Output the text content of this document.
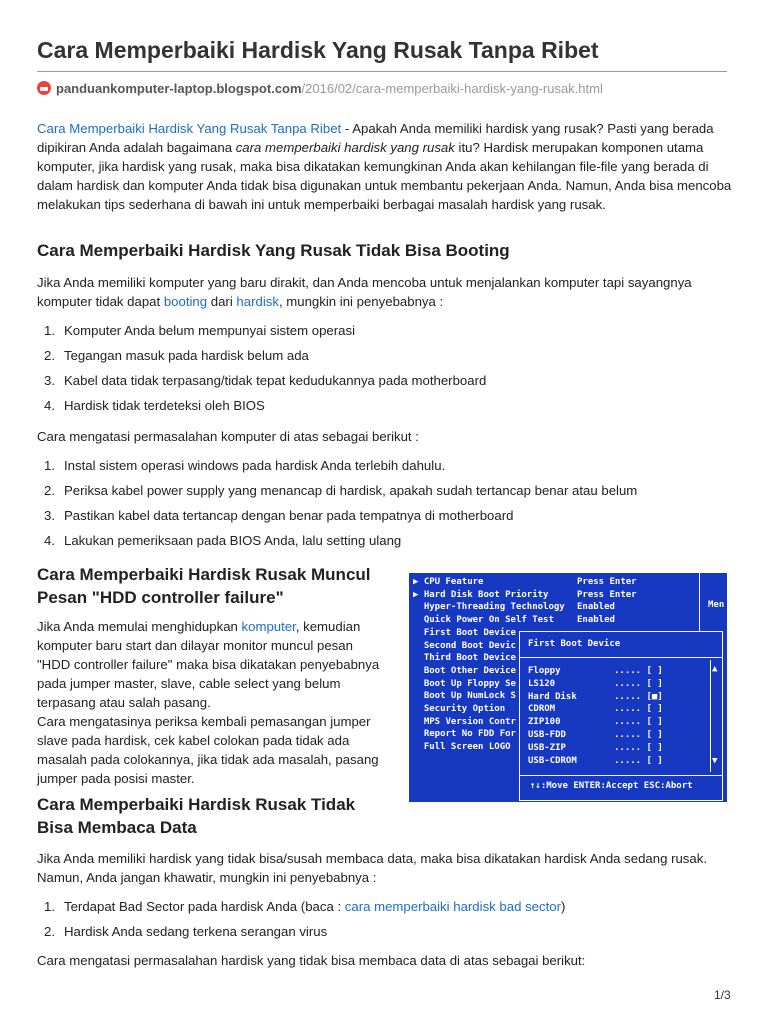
Cara Memperbaiki Hardisk Yang Rusak Tanpa Ribet
panduankomputer-laptop.blogspot.com/2016/02/cara-memperbaiki-hardisk-yang-rusak.html

Cara Memperbaiki Hardisk Yang Rusak Tanpa Ribet - Apakah Anda memiliki hardisk yang rusak? Pasti yang berada dipikiran Anda adalah bagaimana cara memperbaiki hardisk yang rusak itu? Hardisk merupakan komponen utama komputer, jika hardisk yang rusak, maka bisa dikatakan kemungkinan Anda akan kehilangan file-file yang berada di dalam hardisk dan komputer Anda tidak bisa digunakan untuk membantu pekerjaan Anda. Namun, Anda bisa mencoba melakukan tips sederhana di bawah ini untuk memperbaiki berbagai masalah hardisk yang rusak.

Cara Memperbaiki Hardisk Yang Rusak Tidak Bisa Booting

Jika Anda memiliki komputer yang baru dirakit, dan Anda mencoba untuk menjalankan komputer tapi sayangnya komputer tidak dapat booting dari hardisk, mungkin ini penyebabnya :

1. Komputer Anda belum mempunyai sistem operasi
2. Tegangan masuk pada hardisk belum ada
3. Kabel data tidak terpasang/tidak tepat kedudukannya pada motherboard
4. Hardisk tidak terdeteksi oleh BIOS

Cara mengatasi permasalahan komputer di atas sebagai berikut :

1. Instal sistem operasi windows pada hardisk Anda terlebih dahulu.
2. Periksa kabel power supply yang menancap di hardisk, apakah sudah tertancap benar atau belum
3. Pastikan kabel data tertancap dengan benar pada tempatnya di motherboard
4. Lakukan pemeriksaan pada BIOS Anda, lalu setting ulang
Cara Memperbaiki Hardisk Rusak Muncul
Pesan "HDD controller failure"

Jika Anda memulai menghidupkan komputer, kemudian komputer baru start dan dilayar monitor muncul pesan "HDD controller failure" maka bisa dikatakan penyebabnya pada jumper master, slave, cable select yang belum terpasang atau salah pasang.
Cara mengatasinya periksa kembali pemasangan jumper slave pada hardisk, cek kabel colokan pada tidak ada masalah pada colokannya, jika tidak ada masalah, pasang jumper pada posisi master.

▶ CPU Feature	Press Enter
▶ Hard Disk Boot Priority	Press Enter
Hyper-Threading Technology Enabled
Quick Power On Self Test	Enabled
First Boot Device
Second Boot Devic
Third Boot Device
Boot Other Device
Boot Up Floppy Se
Boot Up NumLock S
Security Option
MPS Version Contr
Report No FDD For
Full Screen LOGO
Men
First Boot Device
Floppy	..... [ ]
LS120	..... [ ]
Hard Disk	..... [■]
CDROM	..... [ ]
ZIP100	..... [ ]
USB-FDD	..... [ ]
USB-ZIP	..... [ ]
USB-CDROM	..... [ ]
▲
▼
↑↓:Move ENTER:Accept ESC:Abort
Cara Memperbaiki Hardisk Rusak Tidak
Bisa Membaca Data

Jika Anda memiliki hardisk yang tidak bisa/susah membaca data, maka bisa dikatakan hardisk Anda sedang rusak. Namun, Anda jangan khawatir, mungkin ini penyebabnya :

1. Terdapat Bad Sector pada hardisk Anda (baca : cara memperbaiki hardisk bad sector)
2. Hardisk Anda sedang terkena serangan virus

Cara mengatasi permasalahan hardisk yang tidak bisa membaca data di atas sebagai berikut:

1/3
